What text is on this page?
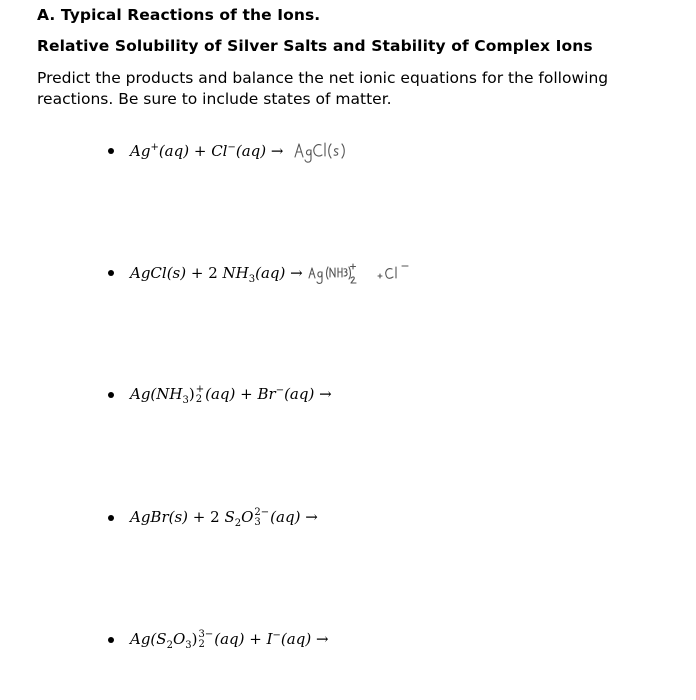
A. Typical Reactions of the Ions.
Relative Solubility of Silver Salts and Stability of Complex Ions
Predict the products and balance the net ionic equations for the following reactions. Be sure to include states of matter.
Ag+(aq) + Cl−(aq) →
AgCl(s) + 2 $NH_3(aq)$ →
$Ag(NH_3)$ +
2 (aq) + Br−(aq) →
AgBr(s) + 2 $S_2O$ 2−
3 (aq) →
$Ag(S_2O_3)$ 3−
2 (aq) + I−(aq) →
